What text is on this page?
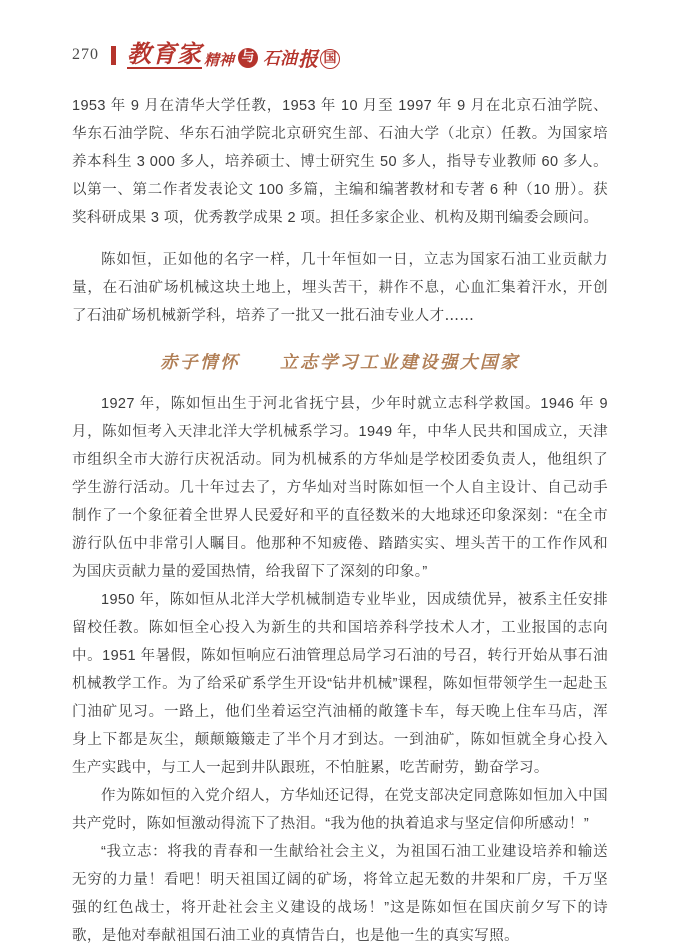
270 教育家 精神 与 石油 报 国

1953 年 9 月在清华大学任教，1953 年 10 月至 1997 年 9 月在北京石油学院、华东石油学院、华东石油学院北京研究生部、石油大学（北京）任教。为国家培养本科生 3 000 多人，培养硕士、博士研究生 50 多人，指导专业教师 60 多人。以第一、第二作者发表论文 100 多篇，主编和编著教材和专著 6 种（10 册）。获奖科研成果 3 项，优秀教学成果 2 项。担任多家企业、机构及期刊编委会顾问。

陈如恒，正如他的名字一样，几十年恒如一日，立志为国家石油工业贡献力量，在石油矿场机械这块土地上，埋头苦干，耕作不息，心血汇集着汗水，开创了石油矿场机械新学科，培养了一批又一批石油专业人才……

赤子情怀　　立志学习工业建设强大国家

1927 年，陈如恒出生于河北省抚宁县，少年时就立志科学救国。1946 年 9 月，陈如恒考入天津北洋大学机械系学习。1949 年，中华人民共和国成立，天津市组织全市大游行庆祝活动。同为机械系的方华灿是学校团委负责人，他组织了学生游行活动。几十年过去了，方华灿对当时陈如恒一个人自主设计、自己动手制作了一个象征着全世界人民爱好和平的直径数米的大地球还印象深刻：“在全市游行队伍中非常引人瞩目。他那种不知疲倦、踏踏实实、埋头苦干的工作作风和为国庆贡献力量的爱国热情，给我留下了深刻的印象。”

1950 年，陈如恒从北洋大学机械制造专业毕业，因成绩优异，被系主任安排留校任教。陈如恒全心投入为新生的共和国培养科学技术人才，工业报国的志向中。1951 年暑假，陈如恒响应石油管理总局学习石油的号召，转行开始从事石油机械教学工作。为了给采矿系学生开设“钻井机械”课程，陈如恒带领学生一起赴玉门油矿见习。一路上，他们坐着运空汽油桶的敞篷卡车，每天晚上住车马店，浑身上下都是灰尘，颠颠簸簸走了半个月才到达。一到油矿，陈如恒就全身心投入生产实践中，与工人一起到井队跟班，不怕脏累，吃苦耐劳，勤奋学习。

作为陈如恒的入党介绍人，方华灿还记得，在党支部决定同意陈如恒加入中国共产党时，陈如恒激动得流下了热泪。“我为他的执着追求与坚定信仰所感动！”

“我立志：将我的青春和一生献给社会主义，为祖国石油工业建设培养和输送无穷的力量！看吧！明天祖国辽阔的矿场，将耸立起无数的井架和厂房，千万坚强的红色战士，将开赴社会主义建设的战场！”这是陈如恒在国庆前夕写下的诗歌，是他对奉献祖国石油工业的真情告白，也是他一生的真实写照。
